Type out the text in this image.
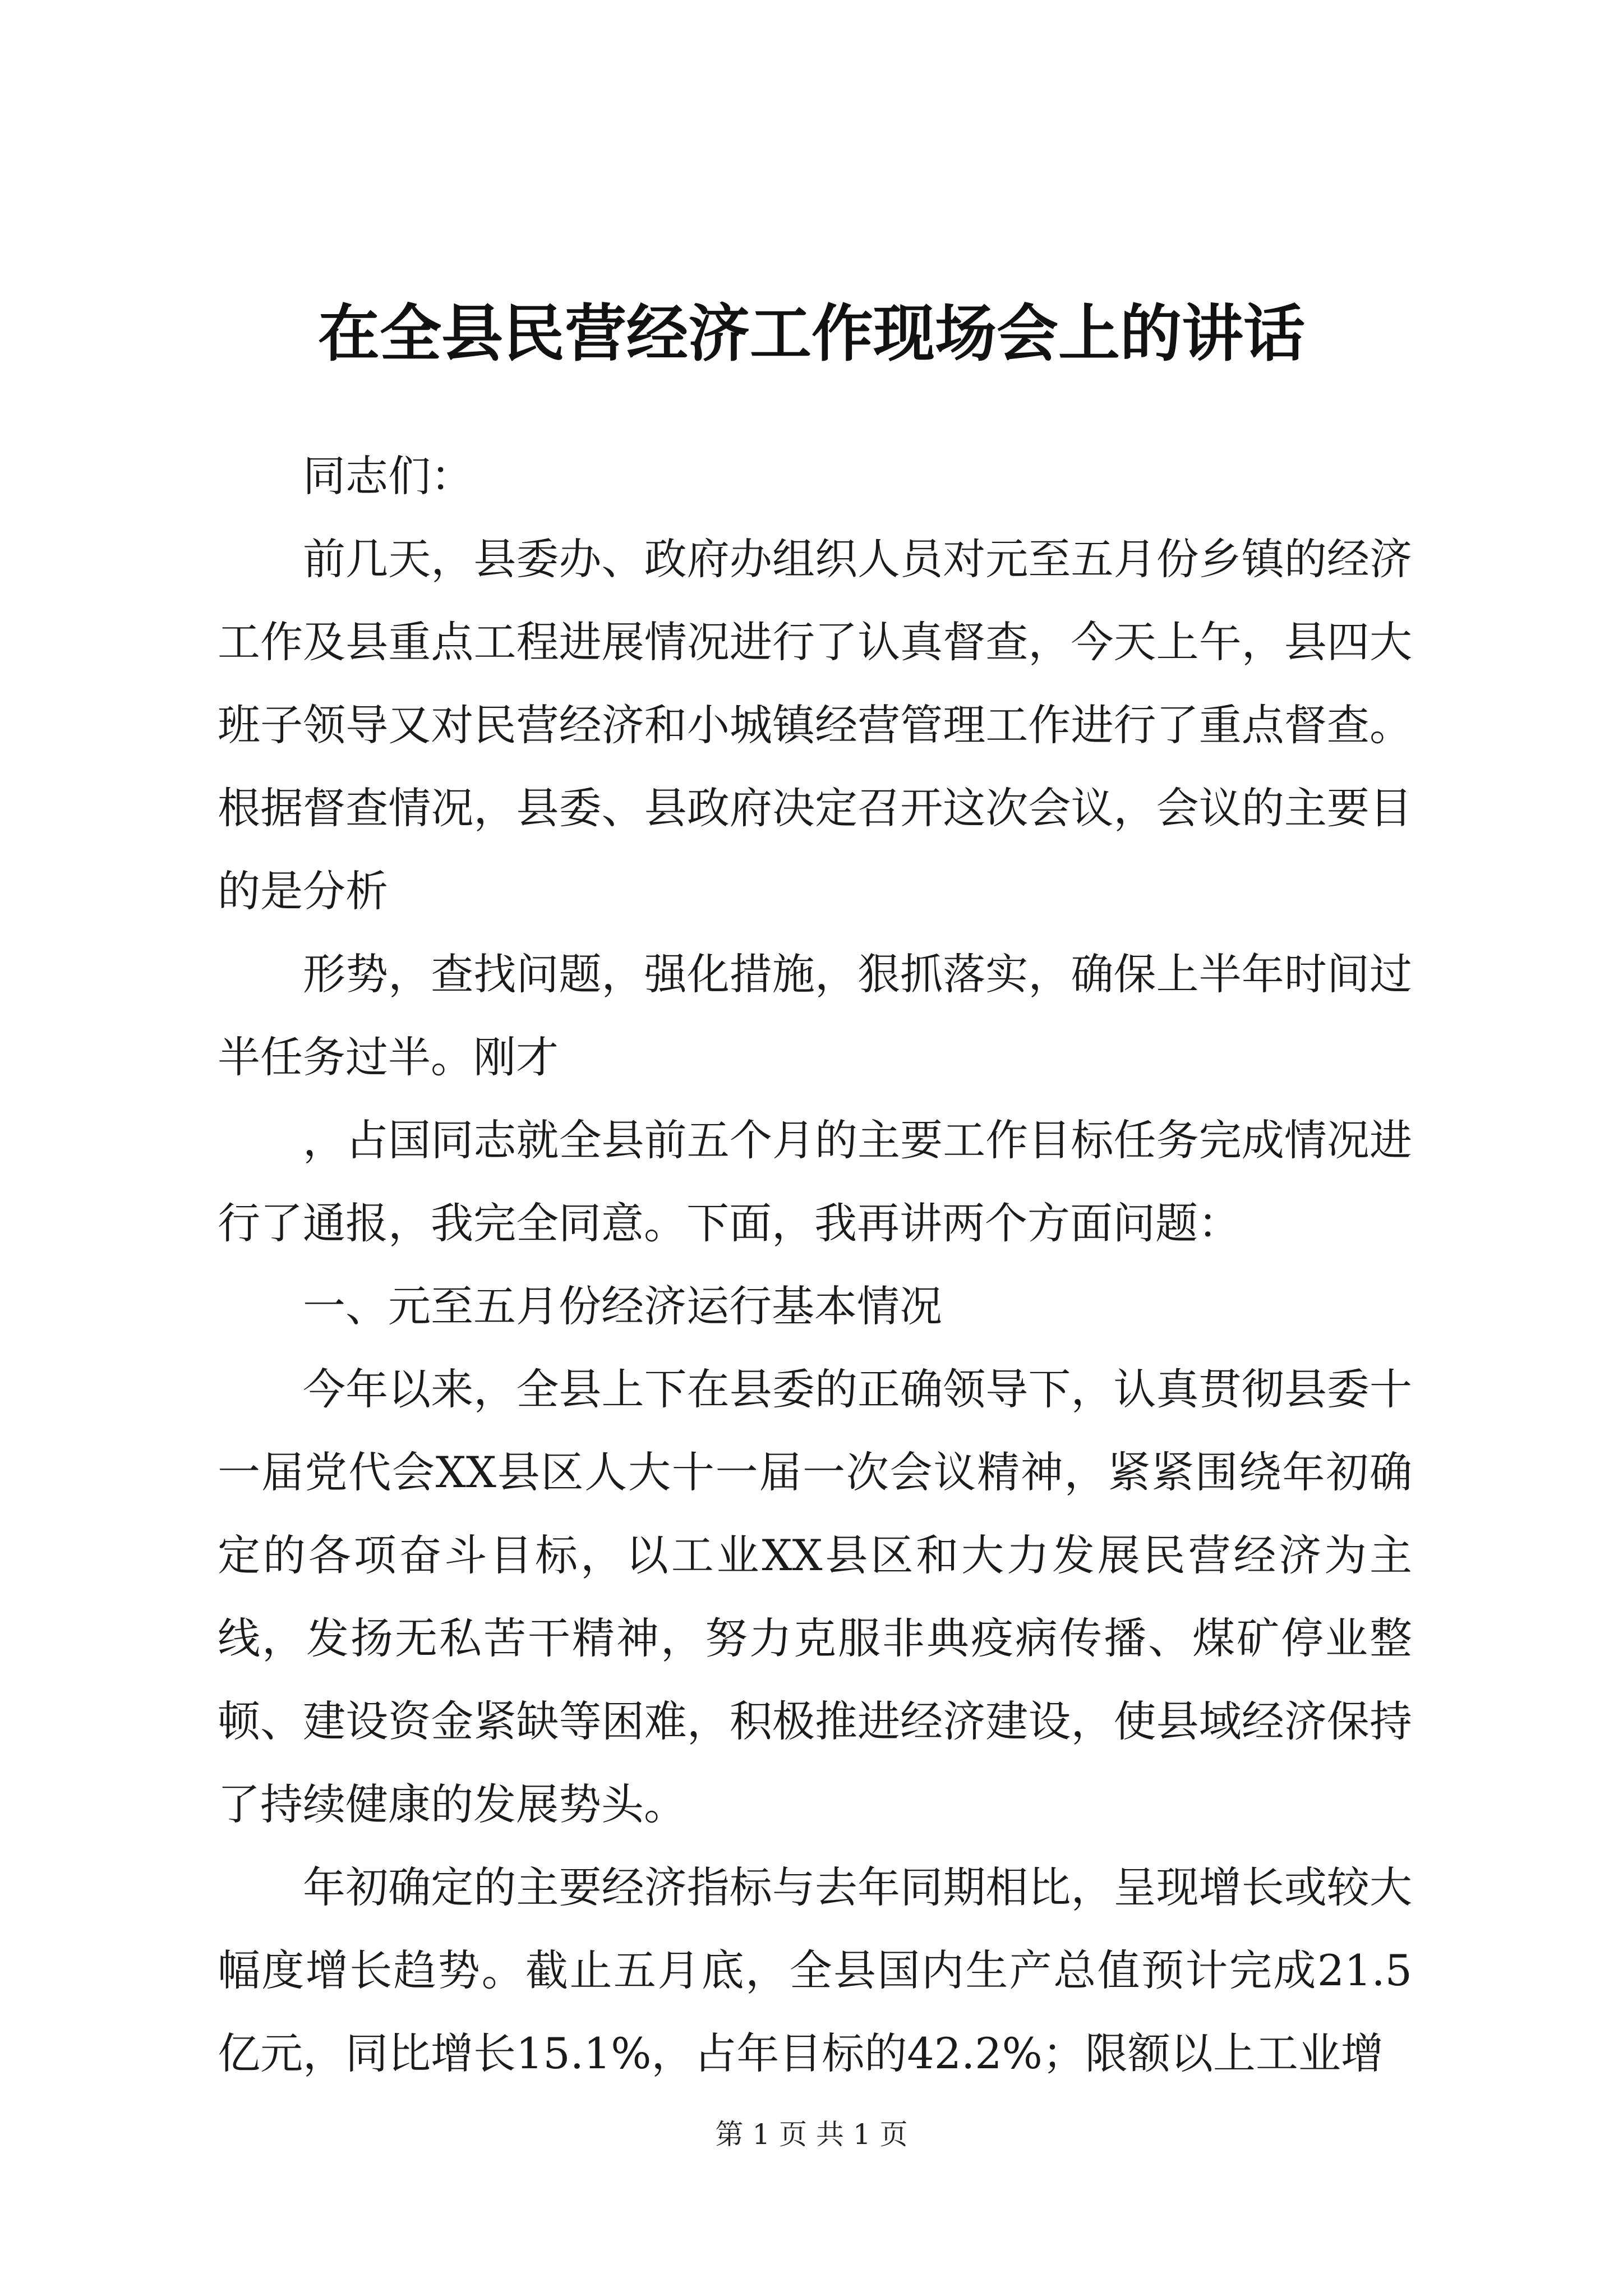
在全县民营经济工作现场会上的讲话

同志们：

前几天，县委办、政府办组织人员对元至五月份乡镇的经济工作及县重点工程进展情况进行了认真督查，今天上午，县四大班子领导又对民营经济和小城镇经营管理工作进行了重点督查。根据督查情况，县委、县政府决定召开这次会议，会议的主要目的是分析

形势，查找问题，强化措施，狠抓落实，确保上半年时间过半任务过半。刚才

，占国同志就全县前五个月的主要工作目标任务完成情况进行了通报，我完全同意。下面，我再讲两个方面问题：

一、元至五月份经济运行基本情况

今年以来，全县上下在县委的正确领导下，认真贯彻县委十一届党代会XX县区人大十一届一次会议精神，紧紧围绕年初确定的各项奋斗目标，以工业XX县区和大力发展民营经济为主线，发扬无私苦干精神，努力克服非典疫病传播、煤矿停业整顿、建设资金紧缺等困难，积极推进经济建设，使县域经济保持了持续健康的发展势头。

年初确定的主要经济指标与去年同期相比，呈现增长或较大幅度增长趋势。截止五月底，全县国内生产总值预计完成21.5亿元，同比增长15.1%，占年目标的42.2%；限额以上工业增

第 1 页 共 1 页
